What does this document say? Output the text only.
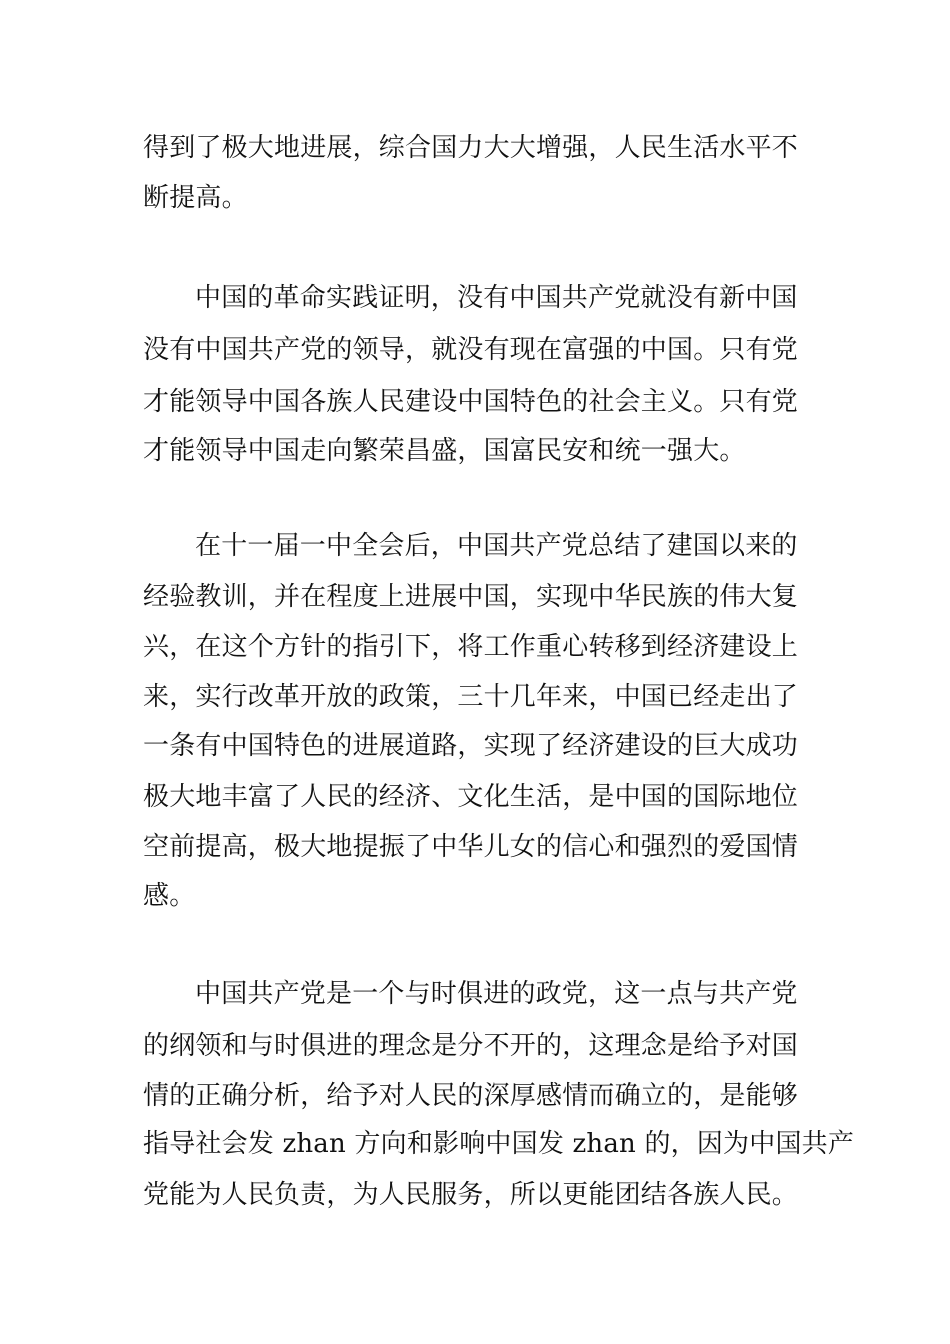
得到了极大地进展，综合国力大大增强，人民生活水平不
断提高。
中国的革命实践证明，没有中国共产党就没有新中国
没有中国共产党的领导，就没有现在富强的中国。只有党
才能领导中国各族人民建设中国特色的社会主义。只有党
才能领导中国走向繁荣昌盛，国富民安和统一强大。
在十一届一中全会后，中国共产党总结了建国以来的
经验教训，并在程度上进展中国，实现中华民族的伟大复
兴，在这个方针的指引下，将工作重心转移到经济建设上
来，实行改革开放的政策，三十几年来，中国已经走出了
一条有中国特色的进展道路，实现了经济建设的巨大成功
极大地丰富了人民的经济、文化生活，是中国的国际地位
空前提高，极大地提振了中华儿女的信心和强烈的爱国情
感。
中国共产党是一个与时俱进的政党，这一点与共产党
的纲领和与时俱进的理念是分不开的，这理念是给予对国
情的正确分析，给予对人民的深厚感情而确立的，是能够
指导社会发 zhan 方向和影响中国发 zhan 的，因为中国共产
党能为人民负责，为人民服务，所以更能团结各族人民。
